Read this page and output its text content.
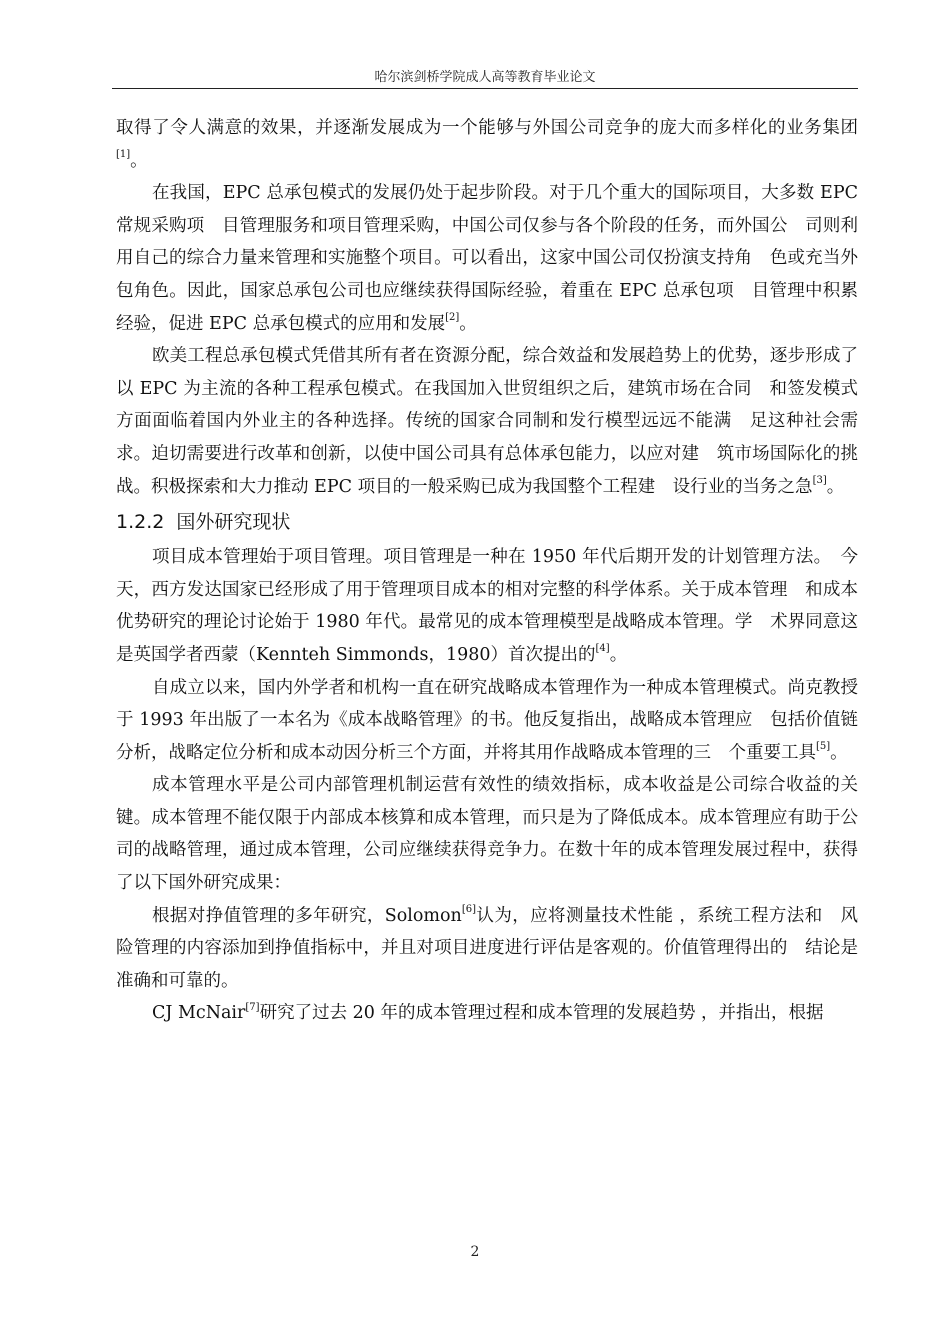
哈尔滨剑桥学院成人高等教育毕业论文

取得了令人满意的效果，并逐渐发展成为一个能够与外国公司竞争的庞大而多样化的业务集团[1]。

在我国，EPC 总承包模式的发展仍处于起步阶段。对于几个重大的国际项目，大多数 EPC 常规采购项　目管理服务和项目管理采购，中国公司仅参与各个阶段的任务，而外国公　司则利用自己的综合力量来管理和实施整个项目。可以看出，这家中国公司仅扮演支持角　色或充当外包角色。因此，国家总承包公司也应继续获得国际经验，着重在 EPC 总承包项　目管理中积累经验，促进 EPC 总承包模式的应用和发展[2]。

欧美工程总承包模式凭借其所有者在资源分配，综合效益和发展趋势上的优势，逐步形成了以 EPC 为主流的各种工程承包模式。在我国加入世贸组织之后，建筑市场在合同　和签发模式方面面临着国内外业主的各种选择。传统的国家合同制和发行模型远远不能满　足这种社会需求。迫切需要进行改革和创新，以使中国公司具有总体承包能力，以应对建　筑市场国际化的挑战。积极探索和大力推动 EPC 项目的一般采购已成为我国整个工程建　设行业的当务之急[3]。

1.2.2 国外研究现状

项目成本管理始于项目管理。项目管理是一种在 1950 年代后期开发的计划管理方法。　今天，西方发达国家已经形成了用于管理项目成本的相对完整的科学体系。关于成本管理　和成本优势研究的理论讨论始于 1980 年代。最常见的成本管理模型是战略成本管理。学　术界同意这是英国学者西蒙（Kennteh Simmonds，1980）首次提出的[4]。

自成立以来，国内外学者和机构一直在研究战略成本管理作为一种成本管理模式。尚克教授于 1993 年出版了一本名为《成本战略管理》的书。他反复指出，战略成本管理应　包括价值链分析，战略定位分析和成本动因分析三个方面，并将其用作战略成本管理的三　个重要工具[5]。

成本管理水平是公司内部管理机制运营有效性的绩效指标，成本收益是公司综合收益的关键。成本管理不能仅限于内部成本核算和成本管理，而只是为了降低成本。成本管理应有助于公司的战略管理，通过成本管理，公司应继续获得竞争力。在数十年的成本管理发展过程中，获得了以下国外研究成果：

根据对挣值管理的多年研究，Solomon[6]认为，应将测量技术性能 ，系统工程方法和　风险管理的内容添加到挣值指标中，并且对项目进度进行评估是客观的。价值管理得出的　结论是准确和可靠的。

CJ McNair[7]研究了过去 20 年的成本管理过程和成本管理的发展趋势 ，并指出，根据

2
